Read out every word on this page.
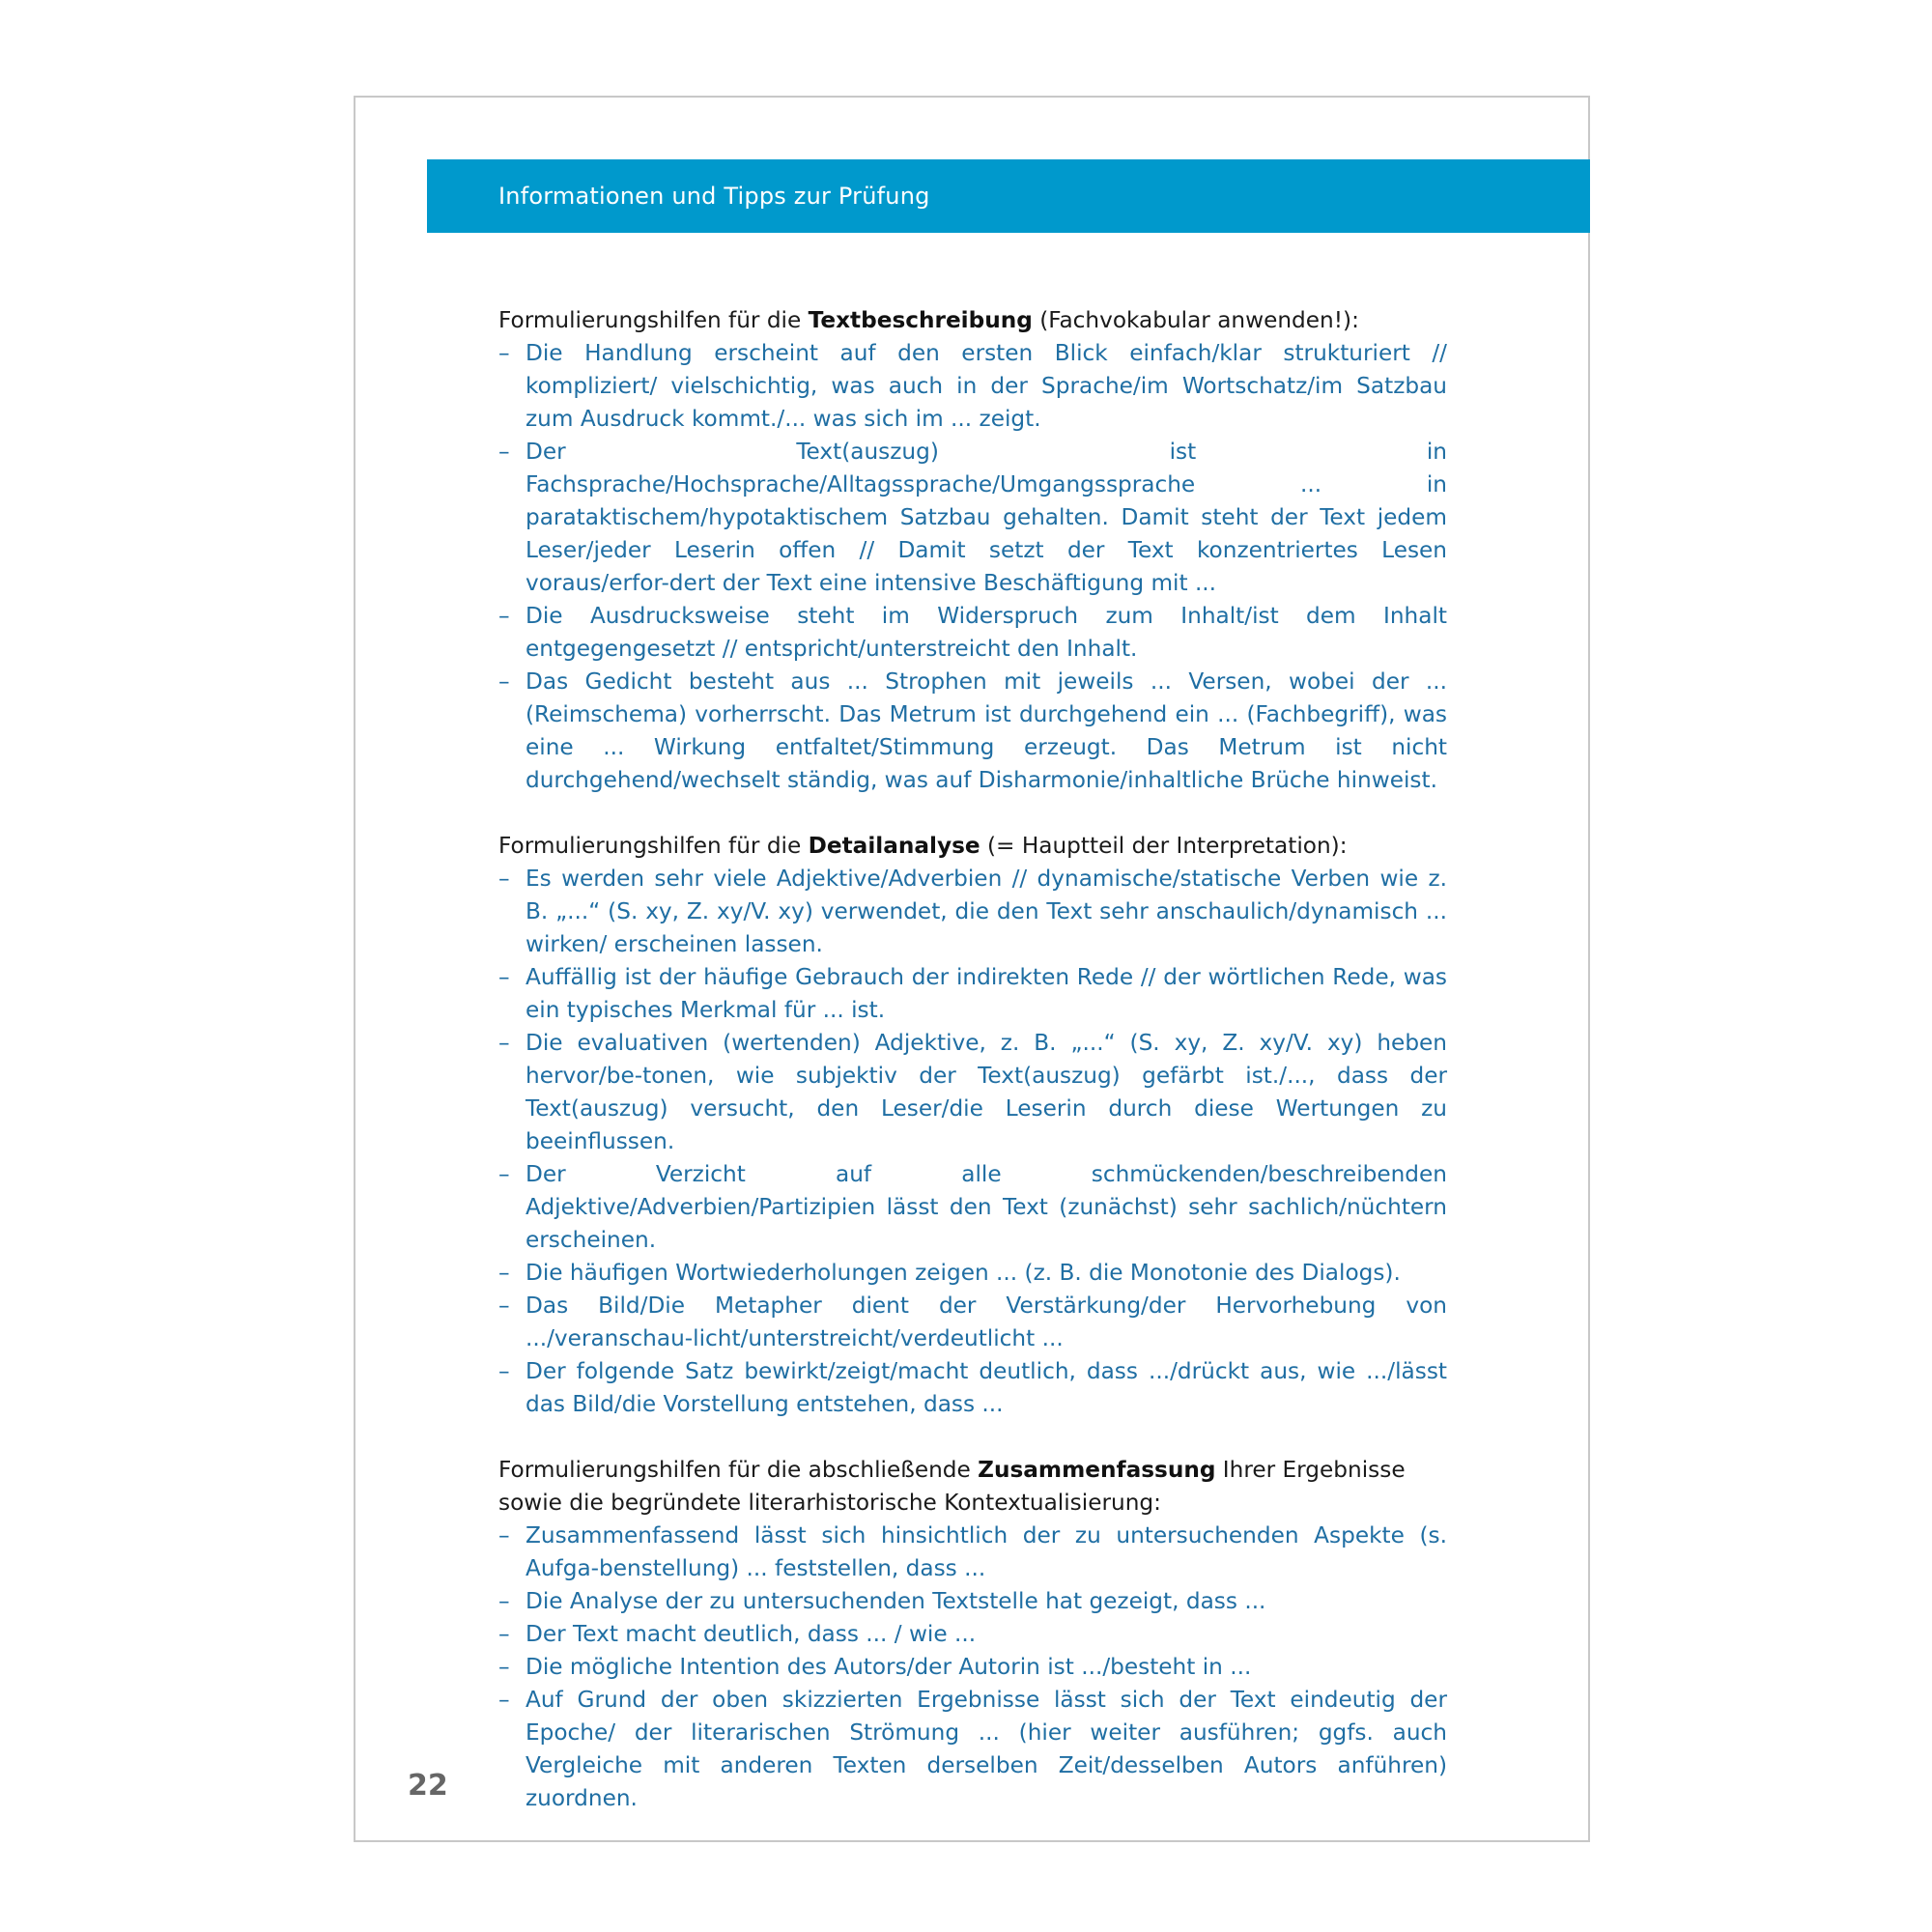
Informationen und Tipps zur Prüfung
Formulierungshilfen für die Textbeschreibung (Fachvokabular anwenden!):
– Die Handlung erscheint auf den ersten Blick einfach/klar strukturiert // kompliziert/ vielschichtig, was auch in der Sprache/im Wortschatz/im Satzbau zum Ausdruck kommt./... was sich im ... zeigt.
– Der Text(auszug) ist in Fachsprache/Hochsprache/Alltagssprache/Umgangssprache ... in parataktischem/hypotaktischem Satzbau gehalten. Damit steht der Text jedem Leser/jeder Leserin offen // Damit setzt der Text konzentriertes Lesen voraus/erfor-dert der Text eine intensive Beschäftigung mit ...
– Die Ausdrucksweise steht im Widerspruch zum Inhalt/ist dem Inhalt entgegengesetzt // entspricht/unterstreicht den Inhalt.
– Das Gedicht besteht aus ... Strophen mit jeweils ... Versen, wobei der ... (Reimschema) vorherrscht. Das Metrum ist durchgehend ein ... (Fachbegriff), was eine ... Wirkung entfaltet/Stimmung erzeugt. Das Metrum ist nicht durchgehend/wechselt ständig, was auf Disharmonie/inhaltliche Brüche hinweist.
Formulierungshilfen für die Detailanalyse (= Hauptteil der Interpretation):
– Es werden sehr viele Adjektive/Adverbien // dynamische/statische Verben wie z. B. „...“ (S. xy, Z. xy/V. xy) verwendet, die den Text sehr anschaulich/dynamisch ... wirken/ erscheinen lassen.
– Auffällig ist der häufige Gebrauch der indirekten Rede // der wörtlichen Rede, was ein typisches Merkmal für ... ist.
– Die evaluativen (wertenden) Adjektive, z. B. „...“ (S. xy, Z. xy/V. xy) heben hervor/be-tonen, wie subjektiv der Text(auszug) gefärbt ist./..., dass der Text(auszug) versucht, den Leser/die Leserin durch diese Wertungen zu beeinflussen.
– Der Verzicht auf alle schmückenden/beschreibenden Adjektive/Adverbien/Partizipien lässt den Text (zunächst) sehr sachlich/nüchtern erscheinen.
– Die häufigen Wortwiederholungen zeigen ... (z. B. die Monotonie des Dialogs).
– Das Bild/Die Metapher dient der Verstärkung/der Hervorhebung von .../veranschau-licht/unterstreicht/verdeutlicht ...
– Der folgende Satz bewirkt/zeigt/macht deutlich, dass .../drückt aus, wie .../lässt das Bild/die Vorstellung entstehen, dass ...
Formulierungshilfen für die abschließende Zusammenfassung Ihrer Ergebnisse sowie die begründete literarhistorische Kontextualisierung:
– Zusammenfassend lässt sich hinsichtlich der zu untersuchenden Aspekte (s. Aufga-benstellung) ... feststellen, dass ...
– Die Analyse der zu untersuchenden Textstelle hat gezeigt, dass ...
– Der Text macht deutlich, dass ... / wie ...
– Die mögliche Intention des Autors/der Autorin ist .../besteht in ...
– Auf Grund der oben skizzierten Ergebnisse lässt sich der Text eindeutig der Epoche/ der literarischen Strömung ... (hier weiter ausführen; ggfs. auch Vergleiche mit anderen Texten derselben Zeit/desselben Autors anführen) zuordnen.
22
